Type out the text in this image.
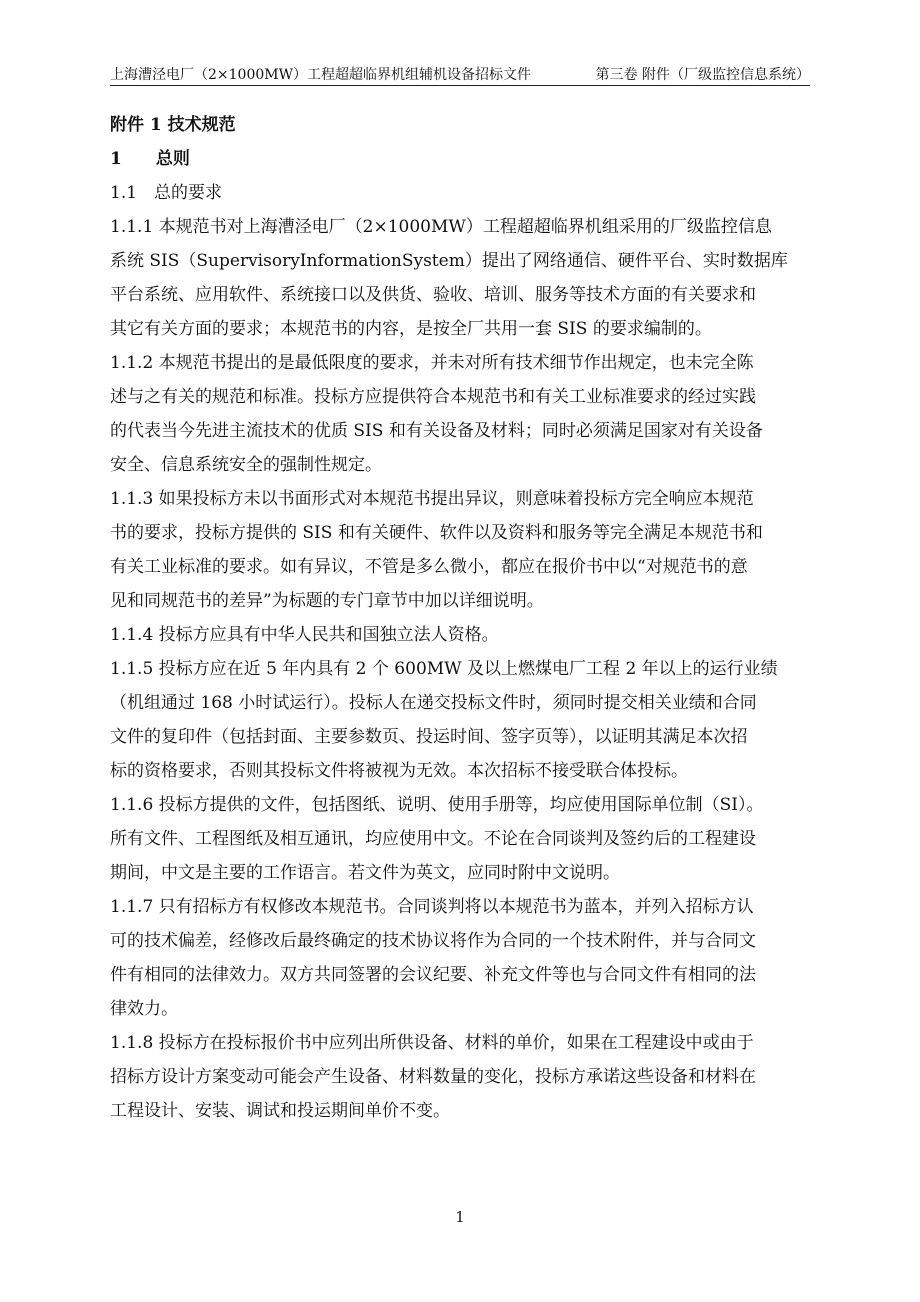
上海漕泾电厂（2×1000MW）工程超超临界机组辅机设备招标文件	第三卷 附件（厂级监控信息系统）
附件 1 技术规范
1　　总则
1.1　总的要求
1.1.1 本规范书对上海漕泾电厂（2×1000MW）工程超超临界机组采用的厂级监控信息
系统 SIS（SupervisoryInformationSystem）提出了网络通信、硬件平台、实时数据库
平台系统、应用软件、系统接口以及供货、验收、培训、服务等技术方面的有关要求和
其它有关方面的要求；本规范书的内容，是按全厂共用一套 SIS 的要求编制的。
1.1.2 本规范书提出的是最低限度的要求，并未对所有技术细节作出规定，也未完全陈
述与之有关的规范和标准。投标方应提供符合本规范书和有关工业标准要求的经过实践
的代表当今先进主流技术的优质 SIS 和有关设备及材料；同时必须满足国家对有关设备
安全、信息系统安全的强制性规定。
1.1.3 如果投标方未以书面形式对本规范书提出异议，则意味着投标方完全响应本规范
书的要求，投标方提供的 SIS 和有关硬件、软件以及资料和服务等完全满足本规范书和
有关工业标准的要求。如有异议，不管是多么微小，都应在报价书中以“对规范书的意
见和同规范书的差异”为标题的专门章节中加以详细说明。
1.1.4 投标方应具有中华人民共和国独立法人资格。
1.1.5 投标方应在近 5 年内具有 2 个 600MW 及以上燃煤电厂工程 2 年以上的运行业绩
（机组通过 168 小时试运行）。投标人在递交投标文件时，须同时提交相关业绩和合同
文件的复印件（包括封面、主要参数页、投运时间、签字页等），以证明其满足本次招
标的资格要求，否则其投标文件将被视为无效。本次招标不接受联合体投标。
1.1.6 投标方提供的文件，包括图纸、说明、使用手册等，均应使用国际单位制（SI）。
所有文件、工程图纸及相互通讯，均应使用中文。不论在合同谈判及签约后的工程建设
期间，中文是主要的工作语言。若文件为英文，应同时附中文说明。
1.1.7 只有招标方有权修改本规范书。合同谈判将以本规范书为蓝本，并列入招标方认
可的技术偏差，经修改后最终确定的技术协议将作为合同的一个技术附件，并与合同文
件有相同的法律效力。双方共同签署的会议纪要、补充文件等也与合同文件有相同的法
律效力。
1.1.8 投标方在投标报价书中应列出所供设备、材料的单价，如果在工程建设中或由于
招标方设计方案变动可能会产生设备、材料数量的变化，投标方承诺这些设备和材料在
工程设计、安装、调试和投运期间单价不变。
1
